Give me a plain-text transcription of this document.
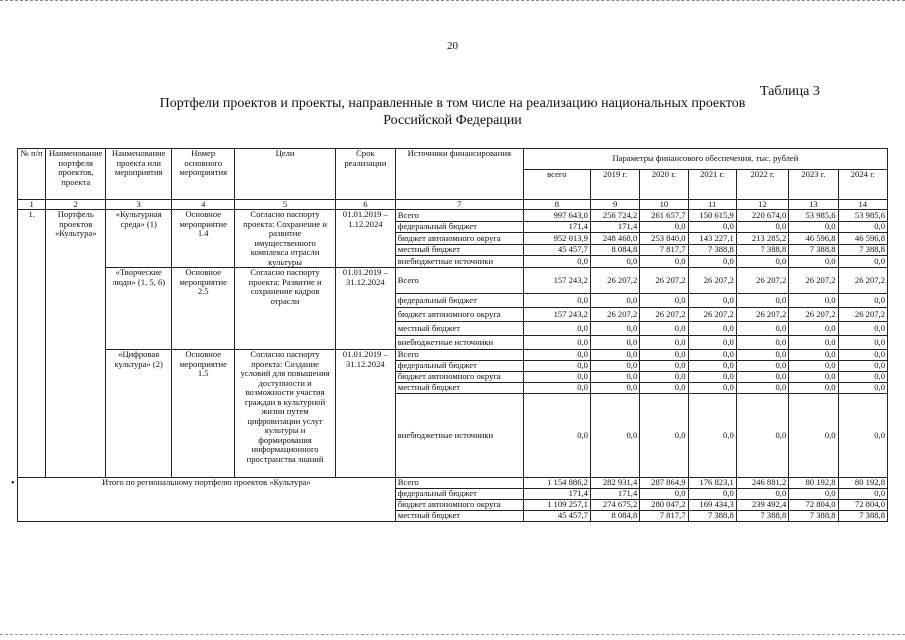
20
Таблица 3
Портфели проектов и проекты, направленные в том числе на реализацию национальных проектов
Российской Федерации
№ п/п	Наименование портфеля проектов, проекта	Наименование проекта или мероприятия	Номер основного мероприятия	Цели	Срок реализации	Источники финансирования	Параметры финансового обеспечения, тыс. рублей						
							всего	2019 г.	2020 г.	2021 г.	2022 г.	2023 г.	2024 г.
1	2	3	4	5	6	7	8	9	10	11	12	13	14
1.	Портфель проектов «Культура»	«Культурная среда» (1)	Основное мероприятие 1.4	Согласно паспорту проекта: Сохранение и развитие имущественного комплекса отрасли культуры	01.01.2019 – 1.12.2024	Всего	997 643,0	256 724,2	261 657,7	150 615,9	220 674,0	53 985,6	53 985,6
						федеральный бюджет	171,4	171,4	0,0	0,0	0,0	0,0	0,0
						бюджет автономного округа	952 013,9	248 468,0	253 840,0	143 227,1	213 285,2	46 596,8	46 596,8
						местный бюджет	45 457,7	8 084,8	7 817,7	7 388,8	7 388,8	7 388,8	7 388,8
						внебюджетные источники	0,0	0,0	0,0	0,0	0,0	0,0	0,0
		«Творческие люди» (1, 5, 6)	Основное мероприятие 2.5	Согласно паспорту проекта: Развитие и сохранение кадров отрасли	01.01.2019 – 31.12.2024	Всего	157 243,2	26 207,2	26 207,2	26 207,2	26 207,2	26 207,2	26 207,2
						федеральный бюджет	0,0	0,0	0,0	0,0	0,0	0,0	0,0
						бюджет автономного округа	157 243,2	26 207,2	26 207,2	26 207,2	26 207,2	26 207,2	26 207,2
						местный бюджет	0,0	0,0	0,0	0,0	0,0	0,0	0,0
						внебюджетные источники	0,0	0,0	0,0	0,0	0,0	0,0	0,0
		«Цифровая культура» (2)	Основное мероприятие 1.5	Согласно паспорту проекта: Создание условий для повышения доступности и возможности участия граждан в культурной жизни путем цифровизации услуг культуры и формирования информационного пространства знаний	01.01.2019 – 31.12.2024	Всего	0,0	0,0	0,0	0,0	0,0	0,0	0,0
						федеральный бюджет	0,0	0,0	0,0	0,0	0,0	0,0	0,0
						бюджет автономного округа	0,0	0,0	0,0	0,0	0,0	0,0	0,0
						местный бюджет	0,0	0,0	0,0	0,0	0,0	0,0	0,0
						внебюджетные источники	0,0	0,0	0,0	0,0	0,0	0,0	0,0
Итого по региональному портфелю проектов «Культура»						Всего	1 154 886,2	282 931,4	287 864,9	176 823,1	246 881,2	80 192,8	80 192,8
						федеральный бюджет	171,4	171,4	0,0	0,0	0,0	0,0	0,0
						бюджет автономного округа	1 109 257,1	274 675,2	280 047,2	169 434,3	239 492,4	72 804,0	72 804,0
						местный бюджет	45 457,7	8 084,8	7 817,7	7 388,8	7 388,8	7 388,8	7 388,8
•
